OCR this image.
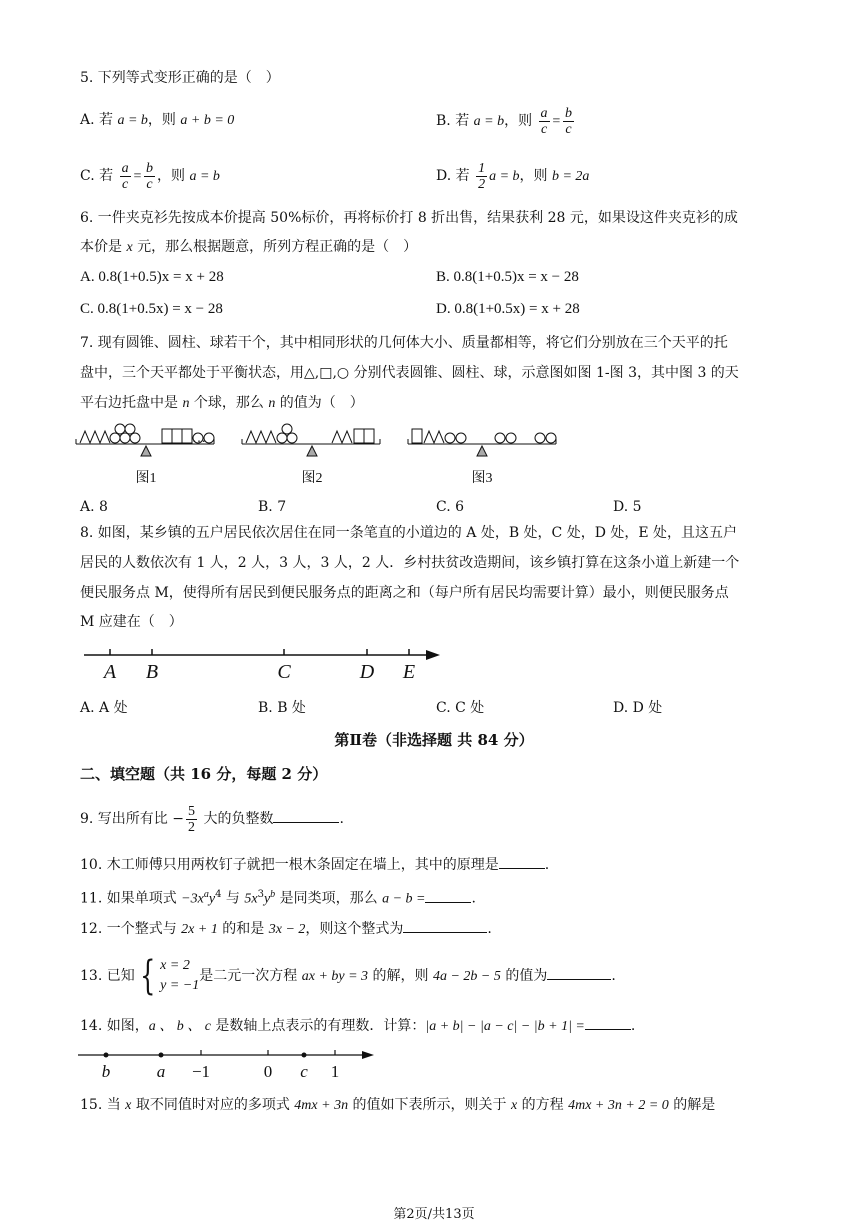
5. 下列等式变形正确的是（　）
A. 若 a = b，则 a + b = 0	B. 若 a = b，则 $\frac{a}{c} = \frac{b}{c}$
C. 若 $\frac{a}{c} = \frac{b}{c}$ ，则 a = b	D. 若 $\frac{1}{2}$ a = b，则 b = 2a
6. 一件夹克衫先按成本价提高 50%标价，再将标价打 8 折出售，结果获利 28 元，如果设这件夹克衫的成
本价是 x 元，那么根据题意，所列方程正确的是（　）
A. 0.8(1+0.5)x = x + 28	B. 0.8(1+0.5)x = x − 28
C. 0.8(1+0.5x) = x − 28	D. 0.8(1+0.5x) = x + 28
7. 现有圆锥、圆柱、球若干个，其中相同形状的几何体大小、质量都相等，将它们分别放在三个天平的托
盘中，三个天平都处于平衡状态，用△,□,○ 分别代表圆锥、圆柱、球，示意图如图 1-图 3，其中图 3 的天
平右边托盘中是 n 个球，那么 n 的值为（　）
…
图1	图2	图3
A. 8	B. 7	C. 6	D. 5
8. 如图，某乡镇的五户居民依次居住在同一条笔直的小道边的 A 处，B 处，C 处，D 处，E 处，且这五户
居民的人数依次有 1 人，2 人，3 人，3 人，2 人．乡村扶贫改造期间，该乡镇打算在这条小道上新建一个
便民服务点 M，使得所有居民到便民服务点的距离之和（每户所有居民均需要计算）最小，则便民服务点
M 应建在（　）
A B	C	D E
A. A 处	B. B 处	C. C 处	D. D 处
第Ⅱ卷（非选择题 共 84 分）
二、填空题（共 16 分，每题 2 分）
9. 写出所有比 − $\frac{5}{2}$ 大的负整数	.
10. 木工师傅只用两枚钉子就把一根木条固定在墙上，其中的原理是	.
11. 如果单项式 $-3x^ay^4$ 与 $5x^3y^b$ 是同类项，那么 a − b =	.
12. 一个整式与 2x + 1 的和是 3x − 2，则这个整式为	.
13. 已知 { x = 2
y = −1
是二元一次方程 ax + by = 3 的解，则 4a − 2b − 5 的值为	.
14. 如图，a 、 b 、 c 是数轴上点表示的有理数．计算：|a + b| − |a − c| − |b + 1| =	.
b	a −1	0 c 1
15. 当 x 取不同值时对应的多项式 4mx + 3n 的值如下表所示，则关于 x 的方程 4mx + 3n + 2 = 0 的解是
第2页/共13页
